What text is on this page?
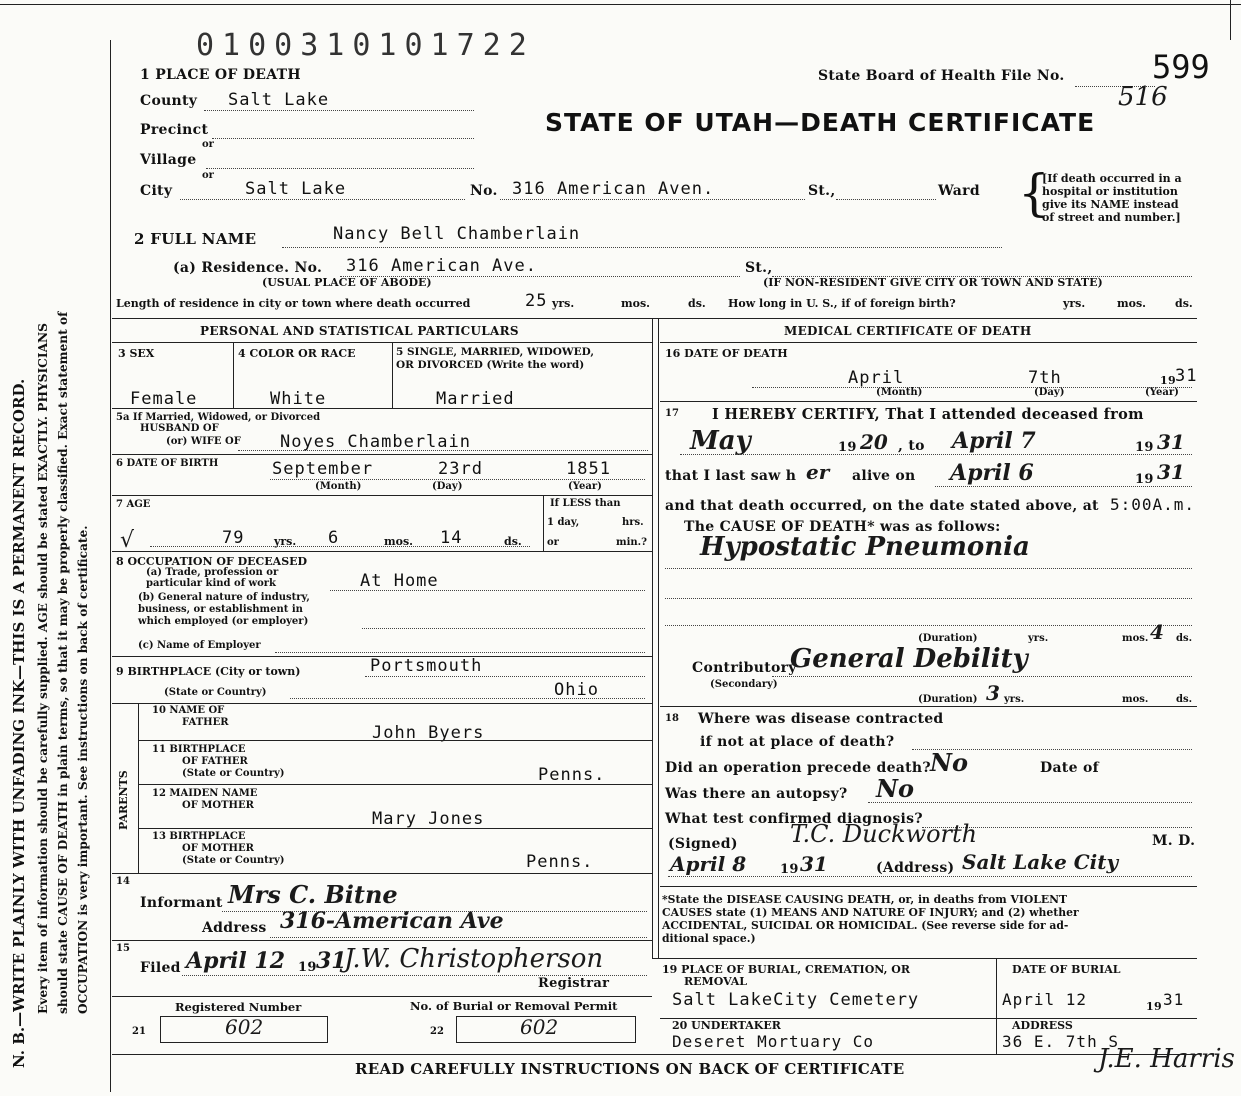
N. B.—WRITE PLAINLY WITH UNFADING INK—THIS IS A PERMANENT RECORD. Every item of information should be carefully supplied. AGE should be stated EXACTLY. PHYSICIANS should state CAUSE OF DEATH in plain terms, so that it may be properly classified. Exact statement of OCCUPATION is very important. See instructions on back of certificate.
0100310101722
State Board of Health File No.	599
516
STATE OF UTAH—DEATH CERTIFICATE
1 PLACE OF DEATH
County Salt Lake
Precinct
or
Village
or
City	Salt Lake	No. 316 American Aven.	St.,	Ward {
[If death occurred in a
hospital or institution
give its NAME instead
of street and number.]
2 FULL NAME	Nancy Bell Chamberlain
(a) Residence. No. 316 American Ave.	St.,
(USUAL PLACE OF ABODE)	(IF NON-RESIDENT GIVE CITY OR TOWN AND STATE)
Length of residence in city or town where death occurred	25 yrs.	mos.	ds. How long in U. S., if of foreign birth?	yrs.	mos.	ds.
PERSONAL AND STATISTICAL PARTICULARS	MEDICAL CERTIFICATE OF DEATH
3 SEX	4 COLOR OR RACE	5 SINGLE, MARRIED, WIDOWED,
OR DIVORCED (Write the word)
Female	White	Married
5a If Married, Widowed, or Divorced
HUSBAND OF
(or) WIFE OF Noyes Chamberlain
6 DATE OF BIRTH	September	23rd	1851
(Month)	(Day)	(Year)
7 AGE
√	79	yrs. 6	mos. 14	ds.
If LESS than
1 day,	hrs.
or	min.?
8 OCCUPATION OF DECEASED
(a) Trade, profession or
particular kind of work	At Home
(b) General nature of industry,
business, or establishment in
which employed (or employer)
(c) Name of Employer
9 BIRTHPLACE (City or town)	Portsmouth
(State or Country)	Ohio
PARENTS
10 NAME OF
FATHER
John Byers
11 BIRTHPLACE
OF FATHER
(State or Country)	Penns.
12 MAIDEN NAME
OF MOTHER
Mary Jones
13 BIRTHPLACE
OF MOTHER
(State or Country)	Penns.
14
Informant Mrs C. Bitne
Address 316-American Ave
15
Filed April 12 19 31
J.W. Christopherson
Registrar
Registered Number	No. of Burial or Removal Permit
21	602	22	602
16 DATE OF DEATH
April	7th	19 31
(Month)	(Day)	(Year)
17 I HEREBY CERTIFY, That I attended deceased from
May	19 20 , to April 7	19 31
that I last saw h er alive on April 6	19 31
and that death occurred, on the date stated above, at 5:00A.m.
The CAUSE OF DEATH* was as follows:
Hypostatic Pneumonia
(Duration)	yrs.	mos. 4 ds.
Contributory
(Secondary)
General Debility
(Duration) 3 yrs.	mos.	ds.
18 Where was disease contracted
if not at place of death?
Did an operation precede death? No	Date of
Was there an autopsy? No
What test confirmed diagnosis?
(Signed) T.C. Duckworth	M. D.
April 8	19 31	(Address) Salt Lake City
*State the DISEASE CAUSING DEATH, or, in deaths from VIOLENT
CAUSES state (1) MEANS AND NATURE OF INJURY; and (2) whether
ACCIDENTAL, SUICIDAL OR HOMICIDAL. (See reverse side for ad-
ditional space.)
19 PLACE OF BURIAL, CREMATION, OR
REMOVAL
Salt LakeCity Cemetery
DATE OF BURIAL
April 12	19 31
20 UNDERTAKER
Deseret Mortuary Co
ADDRESS
36 E. 7th S
J.E. Harris
READ CAREFULLY INSTRUCTIONS ON BACK OF CERTIFICATE
